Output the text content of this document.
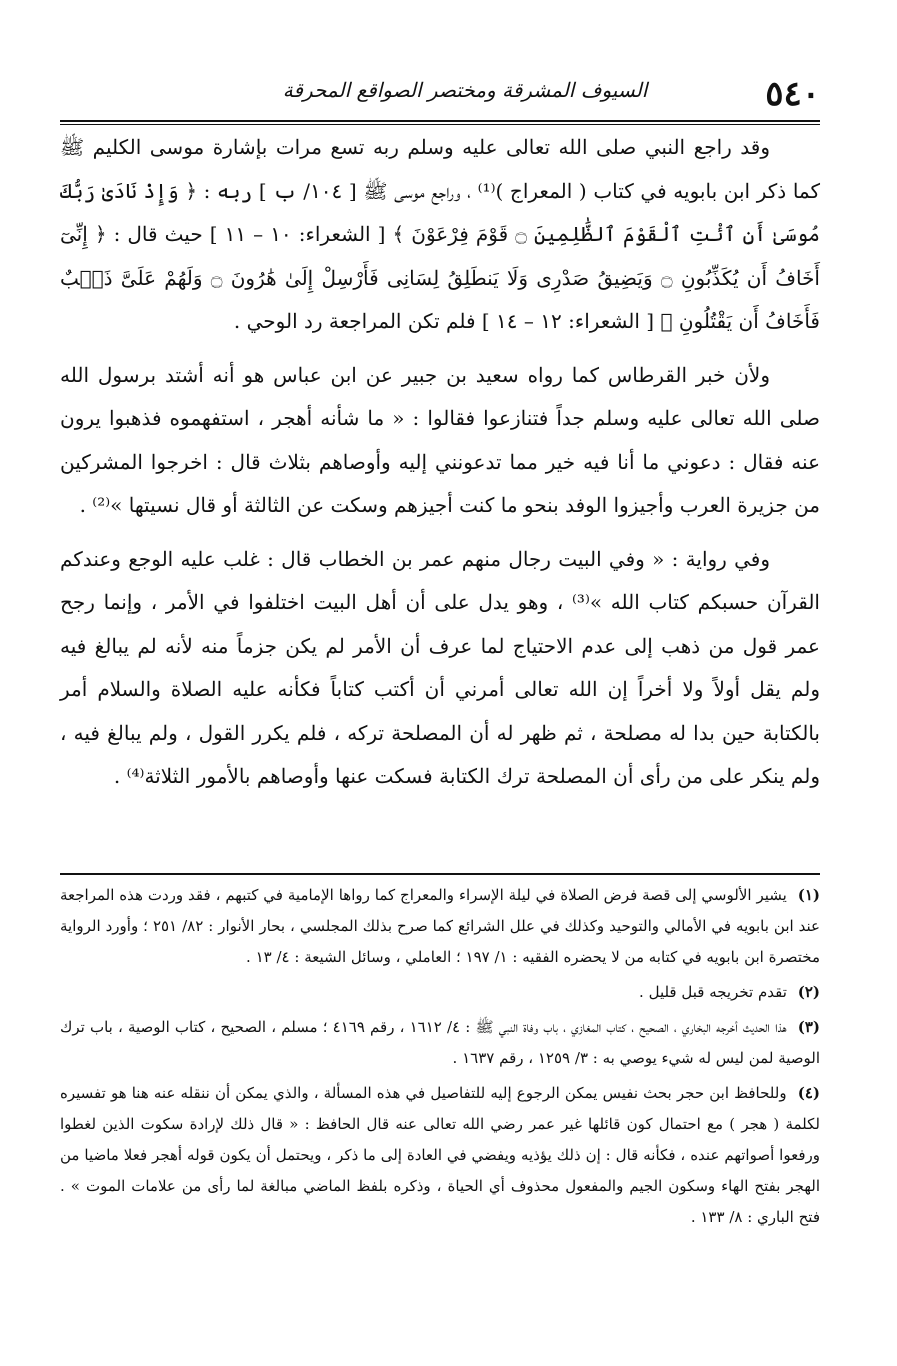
٥٤٠
السيوف المشرقة ومختصر الصواقع المحرقة

وقد راجع النبي صلى الله تعالى عليه وسلم ربه تسع مرات بإشارة موسى الكليم ﷺ كما ذكر ابن بابويه في كتاب ( المعراج )⁽¹⁾ ، وراجع موسى ﷺ [ ١٠٤/ ب ] ربه : ﴿ وَإِذْ نَادَىٰ رَبُّكَ مُوسَىٰ أَنِ ٱئْتِ ٱلْقَوْمَ ٱلظَّٰلِمِينَ ۝ قَوْمَ فِرْعَوْنَ ﴾ [ الشعراء: ١٠ – ١١ ] حيث قال : ﴿ إِنِّىٓ أَخَافُ أَن يُكَذِّبُونِ ۝ وَيَضِيقُ صَدْرِى وَلَا يَنطَلِقُ لِسَانِى فَأَرْسِلْ إِلَىٰ هَٰرُونَ ۝ وَلَهُمْ عَلَىَّ ذَنۢبٌ فَأَخَافُ أَن يَقْتُلُونِ ﴾ [ الشعراء: ١٢ – ١٤ ] فلم تكن المراجعة رد الوحي .

ولأن خبر القرطاس كما رواه سعيد بن جبير عن ابن عباس هو أنه أشتد برسول الله صلى الله تعالى عليه وسلم جداً فتنازعوا فقالوا : « ما شأنه أهجر ، استفهموه فذهبوا يرون عنه فقال : دعوني ما أنا فيه خير مما تدعونني إليه وأوصاهم بثلاث قال : اخرجوا المشركين من جزيرة العرب وأجيزوا الوفد بنحو ما كنت أجيزهم وسكت عن الثالثة أو قال نسيتها »⁽²⁾ .

وفي رواية : « وفي البيت رجال منهم عمر بن الخطاب قال : غلب عليه الوجع وعندكم القرآن حسبكم كتاب الله »⁽³⁾ ، وهو يدل على أن أهل البيت اختلفوا في الأمر ، وإنما رجح عمر قول من ذهب إلى عدم الاحتياج لما عرف أن الأمر لم يكن جزماً منه لأنه لم يبالغ فيه ولم يقل أولاً ولا أخراً إن الله تعالى أمرني أن أكتب كتاباً فكأنه عليه الصلاة والسلام أمر بالكتابة حين بدا له مصلحة ، ثم ظهر له أن المصلحة تركه ، فلم يكرر القول ، ولم يبالغ فيه ، ولم ينكر على من رأى أن المصلحة ترك الكتابة فسكت عنها وأوصاهم بالأمور الثلاثة⁽⁴⁾ .

(١) يشير الألوسي إلى قصة فرض الصلاة في ليلة الإسراء والمعراج كما رواها الإمامية في كتبهم ، فقد وردت هذه المراجعة عند ابن بابويه في الأمالي والتوحيد وكذلك في علل الشرائع كما صرح بذلك المجلسي ، بحار الأنوار : ٨٢/ ٢٥١ ؛ وأورد الرواية مختصرة ابن بابويه في كتابه من لا يحضره الفقيه : ١/ ١٩٧ ؛ العاملي ، وسائل الشيعة : ٤/ ١٣ .
(٢) تقدم تخريجه قبل قليل .
(٣) هذا الحديث أخرجه البخاري ، الصحيح ، كتاب المغازي ، باب وفاة النبي ﷺ : ٤/ ١٦١٢ ، رقم ٤١٦٩ ؛ مسلم ، الصحيح ، كتاب الوصية ، باب ترك الوصية لمن ليس له شيء يوصي به : ٣/ ١٢٥٩ ، رقم ١٦٣٧ .
(٤) وللحافظ ابن حجر بحث نفيس يمكن الرجوع إليه للتفاصيل في هذه المسألة ، والذي يمكن أن ننقله عنه هنا هو تفسيره لكلمة ( هجر ) مع احتمال كون قائلها غير عمر رضي الله تعالى عنه قال الحافظ : « قال ذلك لإرادة سكوت الذين لغطوا ورفعوا أصواتهم عنده ، فكأنه قال : إن ذلك يؤذيه ويفضي في العادة إلى ما ذكر ، ويحتمل أن يكون قوله أهجر فعلا ماضيا من الهجر بفتح الهاء وسكون الجيم والمفعول محذوف أي الحياة ، وذكره بلفظ الماضي مبالغة لما رأى من علامات الموت » . فتح الباري : ٨/ ١٣٣ .
